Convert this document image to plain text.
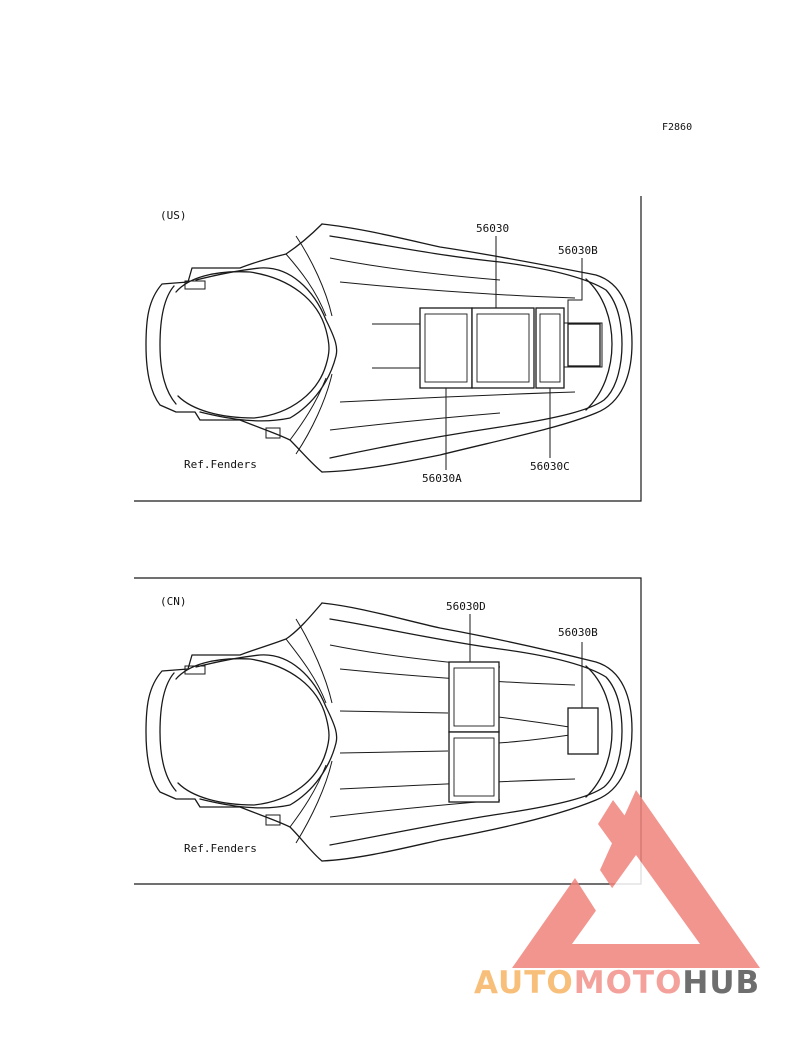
F2860
(US)
56030
56030B
56030A
56030C
Ref.Fenders
(CN)	56030D
56030B
Ref.Fenders
AUTOMOTOHUB
